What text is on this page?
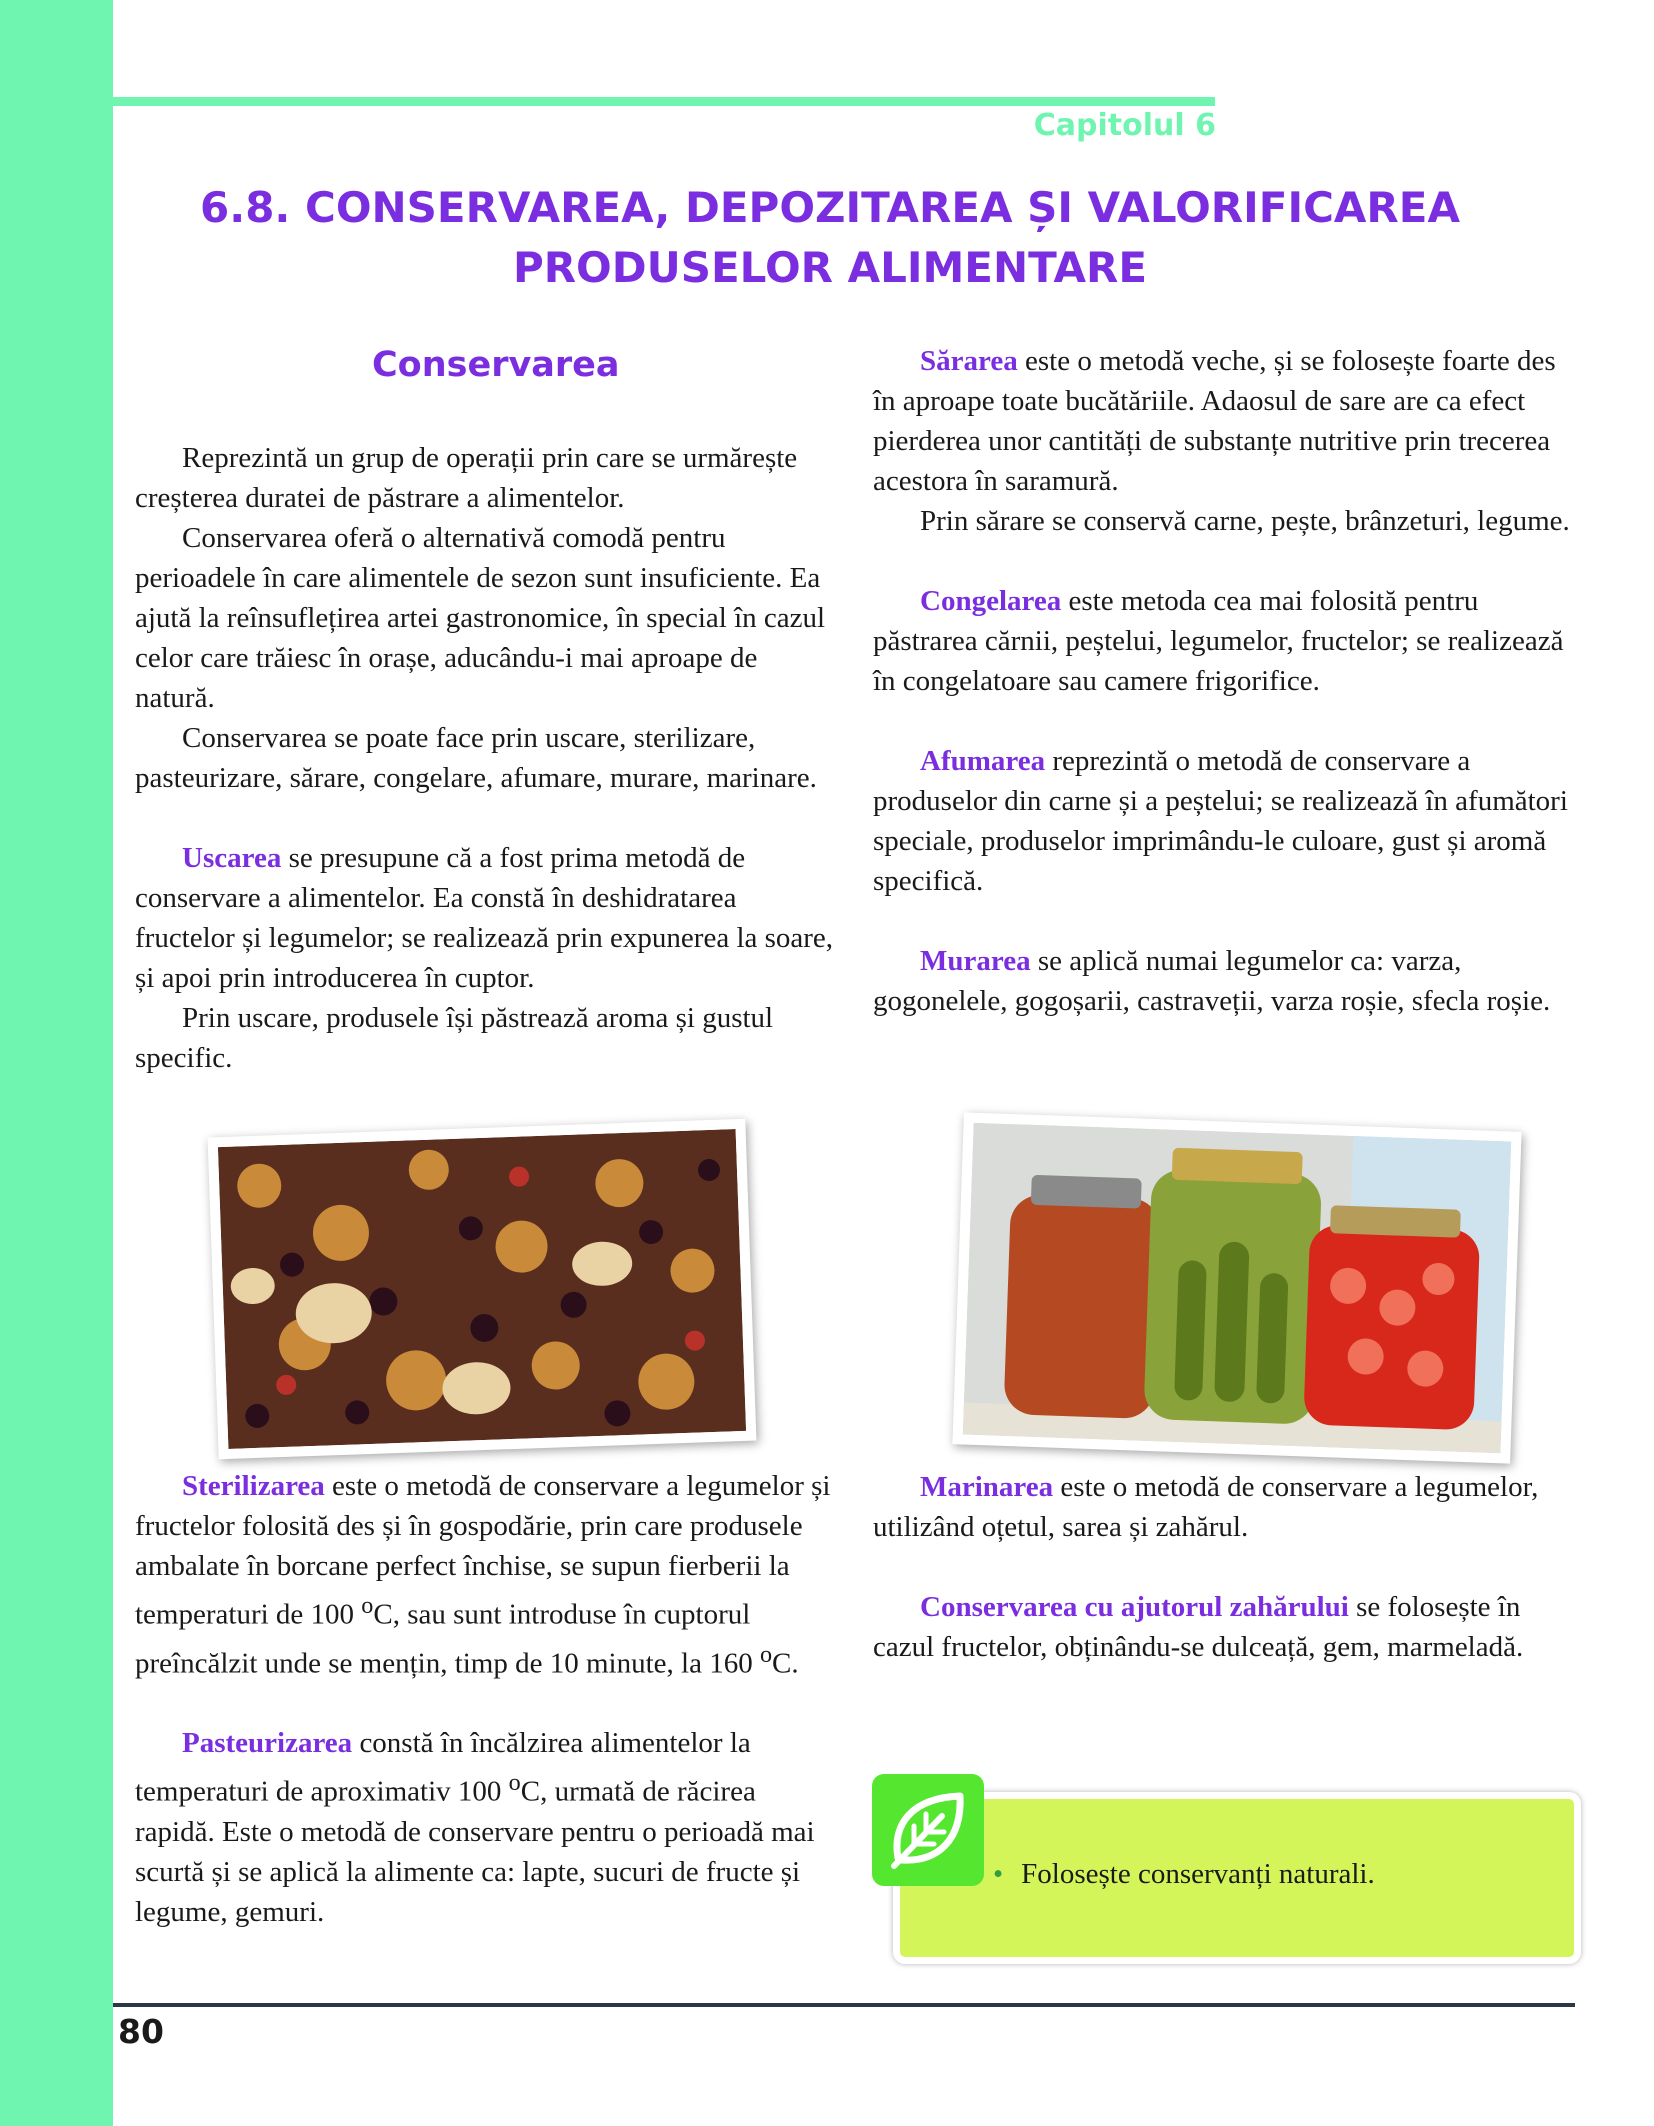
Capitolul 6
6.8. CONSERVAREA, DEPOZITAREA ȘI VALORIFICAREA
PRODUSELOR ALIMENTARE
Conservarea

Reprezintă un grup de operații prin care se urmărește creșterea duratei de păstrare a alimentelor.

Conservarea oferă o alternativă comodă pentru perioadele în care alimentele de sezon sunt insuficiente. Ea ajută la reînsuflețirea artei gastronomice, în special în cazul celor care trăiesc în orașe, aducându-i mai aproape de natură.

Conservarea se poate face prin uscare, sterilizare, pasteurizare, sărare, congelare, afumare, murare, marinare.

Uscarea se presupune că a fost prima metodă de conservare a alimentelor. Ea constă în deshidratarea fructelor și legumelor; se realizează prin expunerea la soare, și apoi prin introducerea în cuptor.

Prin uscare, produsele își păstrează aroma și gustul specific.

Sărarea este o metodă veche, și se folosește foarte des în aproape toate bucătăriile. Adaosul de sare are ca efect pierderea unor cantități de substanțe nutritive prin trecerea acestora în saramură.

Prin sărare se conservă carne, pește, brânzeturi, legume.

Congelarea este metoda cea mai folosită pentru păstrarea cărnii, peștelui, legumelor, fructelor; se realizează în congelatoare sau camere frigorifice.

Afumarea reprezintă o metodă de conservare a produselor din carne și a peștelui; se realizează în afumători speciale, produselor imprimându-le culoare, gust și aromă specifică.

Murarea se aplică numai legumelor ca: varza, gogonelele, gogoșarii, castraveții, varza roșie, sfecla roșie.

Sterilizarea este o metodă de conservare a legumelor și fructelor folosită des și în gospodărie, prin care produsele ambalate în borcane perfect închise, se supun fierberii la temperaturi de 100 $^o$C, sau sunt introduse în cuptorul preîncălzit unde se mențin, timp de 10 minute, la 160 $^o$C.

Pasteurizarea constă în încălzirea alimentelor la temperaturi de aproximativ 100 $^o$C, urmată de răcirea rapidă. Este o metodă de conservare pentru o perioadă mai scurtă și se aplică la alimente ca: lapte, sucuri de fructe și legume, gemuri.

Marinarea este o metodă de conservare a legumelor, utilizând oțetul, sarea și zahărul.

Conservarea cu ajutorul zahărului se folosește în cazul fructelor, obținându-se dulceață, gem, marmeladă.

• Folosește conservanți naturali.
80
